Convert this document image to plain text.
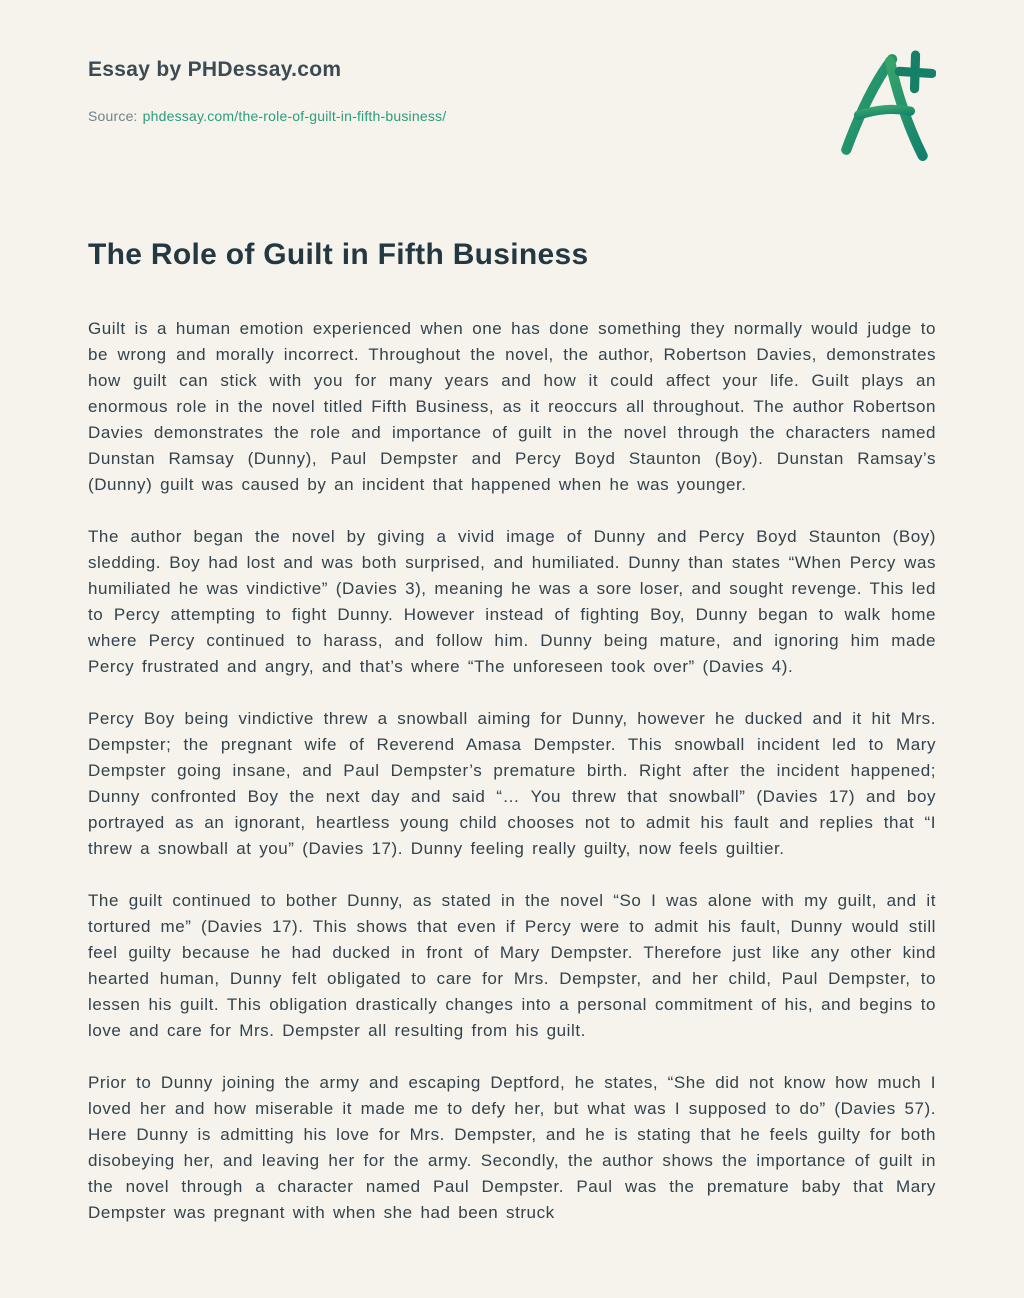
Essay by PHDessay.com
Source: phdessay.com/the-role-of-guilt-in-fifth-business/
The Role of Guilt in Fifth Business

Guilt is a human emotion experienced when one has done something they normally would judge to be wrong and morally incorrect. Throughout the novel, the author, Robertson Davies, demonstrates how guilt can stick with you for many years and how it could affect your life. Guilt plays an enormous role in the novel titled Fifth Business, as it reoccurs all throughout. The author Robertson Davies demonstrates the role and importance of guilt in the novel through the characters named Dunstan Ramsay (Dunny), Paul Dempster and Percy Boyd Staunton (Boy). Dunstan Ramsay’s (Dunny) guilt was caused by an incident that happened when he was younger.

The author began the novel by giving a vivid image of Dunny and Percy Boyd Staunton (Boy) sledding. Boy had lost and was both surprised, and humiliated. Dunny than states “When Percy was humiliated he was vindictive” (Davies 3), meaning he was a sore loser, and sought revenge. This led to Percy attempting to fight Dunny. However instead of fighting Boy, Dunny began to walk home where Percy continued to harass, and follow him. Dunny being mature, and ignoring him made Percy frustrated and angry, and that’s where “The unforeseen took over” (Davies 4).

Percy Boy being vindictive threw a snowball aiming for Dunny, however he ducked and it hit Mrs. Dempster; the pregnant wife of Reverend Amasa Dempster. This snowball incident led to Mary Dempster going insane, and Paul Dempster’s premature birth. Right after the incident happened; Dunny confronted Boy the next day and said “… You threw that snowball” (Davies 17) and boy portrayed as an ignorant, heartless young child chooses not to admit his fault and replies that “I threw a snowball at you” (Davies 17). Dunny feeling really guilty, now feels guiltier.

The guilt continued to bother Dunny, as stated in the novel “So I was alone with my guilt, and it tortured me” (Davies 17). This shows that even if Percy were to admit his fault, Dunny would still feel guilty because he had ducked in front of Mary Dempster. Therefore just like any other kind hearted human, Dunny felt obligated to care for Mrs. Dempster, and her child, Paul Dempster, to lessen his guilt. This obligation drastically changes into a personal commitment of his, and begins to love and care for Mrs. Dempster all resulting from his guilt.

Prior to Dunny joining the army and escaping Deptford, he states, “She did not know how much I loved her and how miserable it made me to defy her, but what was I supposed to do” (Davies 57). Here Dunny is admitting his love for Mrs. Dempster, and he is stating that he feels guilty for both disobeying her, and leaving her for the army. Secondly, the author shows the importance of guilt in the novel through a character named Paul Dempster. Paul was the premature baby that Mary Dempster was pregnant with when she had been struck
